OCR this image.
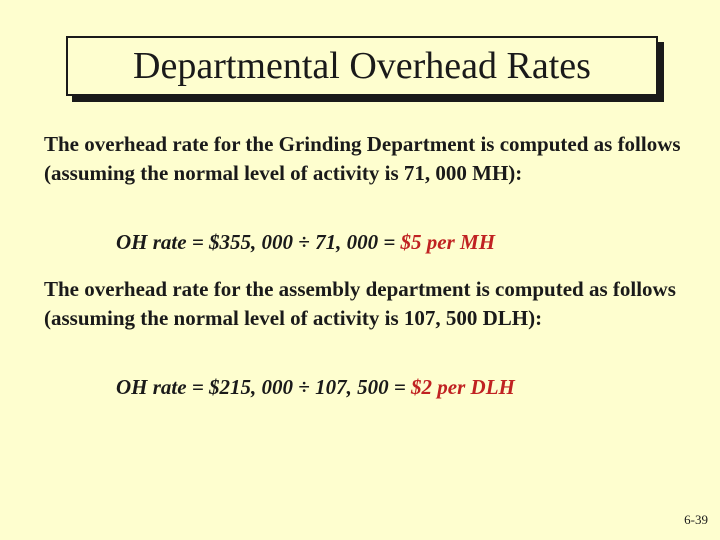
Departmental Overhead Rates

The overhead rate for the Grinding Department is computed as follows (assuming the normal level of activity is 71, 000 MH):

OH rate = $355, 000 ÷ 71, 000 = $5 per MH

The overhead rate for the assembly department is computed as follows (assuming the normal level of activity is 107, 500 DLH):

OH rate = $215, 000 ÷ 107, 500 = $2 per DLH
6-39
